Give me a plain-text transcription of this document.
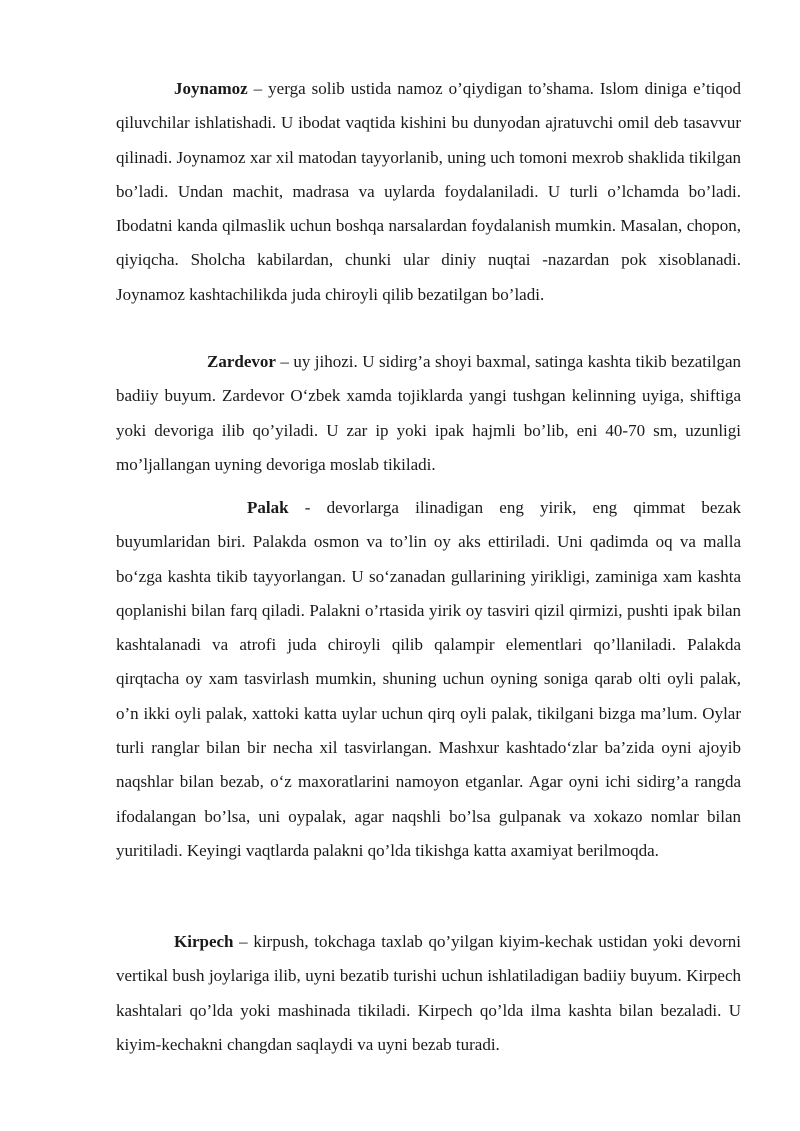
Joynamoz – yerga solib ustida namoz o’qiydigan to’shama. Islom diniga e’tiqod qiluvchilar ishlatishadi. U ibodat vaqtida kishini bu dunyodan ajratuvchi omil deb tasavvur qilinadi. Joynamoz xar xil matodan tayyorlanib, uning uch tomoni mexrob shaklida tikilgan bo’ladi. Undan machit, madrasa va uylarda foydalaniladi. U turli o’lchamda bo’ladi. Ibodatni kanda qilmaslik uchun boshqa narsalardan foydalanish mumkin. Masalan, chopon, qiyiqcha. Sholcha kabilardan, chunki ular diniy nuqtai -nazardan pok xisoblanadi. Joynamoz kashtachilikda juda chiroyli qilib bezatilgan bo’ladi.

Zardevor – uy jihozi. U sidirg’a shoyi baxmal, satinga kashta tikib bezatilgan badiiy buyum. Zardevor O‘zbek xamda tojiklarda yangi tushgan kelinning uyiga, shiftiga yoki devoriga ilib qo’yiladi. U zar ip yoki ipak hajmli bo’lib, eni 40-70 sm, uzunligi mo’ljallangan uyning devoriga moslab tikiladi.

Palak - devorlarga ilinadigan eng yirik, eng qimmat bezak buyumlaridan biri. Palakda osmon va to’lin oy aks ettiriladi. Uni qadimda oq va malla bo‘zga kashta tikib tayyorlangan. U so‘zanadan gullarining yirikligi, zaminiga xam kashta qoplanishi bilan farq qiladi. Palakni o’rtasida yirik oy tasviri qizil qirmizi, pushti ipak bilan kashtalanadi va atrofi juda chiroyli qilib qalampir elementlari qo’llaniladi. Palakda qirqtacha oy xam tasvirlash mumkin, shuning uchun oyning soniga qarab olti oyli palak, o’n ikki oyli palak, xattoki katta uylar uchun qirq oyli palak, tikilgani bizga ma’lum. Oylar turli ranglar bilan bir necha xil tasvirlangan. Mashxur kashtado‘zlar ba’zida oyni ajoyib naqshlar bilan bezab, o‘z maxoratlarini namoyon etganlar. Agar oyni ichi sidirg’a rangda ifodalangan bo’lsa, uni oypalak, agar naqshli bo’lsa gulpanak va xokazo nomlar bilan yuritiladi. Keyingi vaqtlarda palakni qo’lda tikishga katta axamiyat berilmoqda.

Kirpech – kirpush, tokchaga taxlab qo’yilgan kiyim-kechak ustidan yoki devorni vertikal bush joylariga ilib, uyni bezatib turishi uchun ishlatiladigan badiiy buyum. Kirpech kashtalari qo’lda yoki mashinada tikiladi. Kirpech qo’lda ilma kashta bilan bezaladi. U kiyim-kechakni changdan saqlaydi va uyni bezab turadi.
